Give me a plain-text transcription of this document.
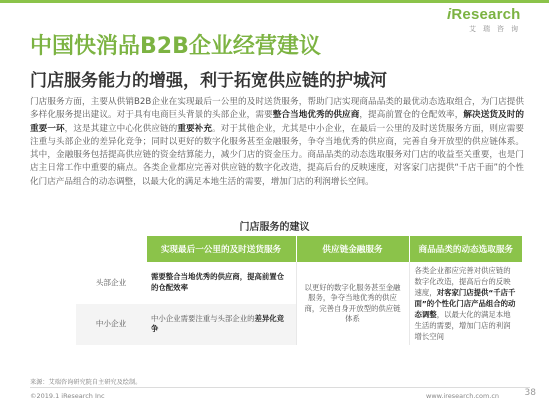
iResearch
艾瑞咨询
中国快消品B2B企业经营建议
门店服务能力的增强，利于拓宽供应链的护城河
门店服务方面，主要从供销B2B企业在实现最后一公里的及时送货服务，帮助门店实现商品品类的最优动态选取组合，为门店提供多样化服务提出建议。对于具有电商巨头背景的头部企业，需要整合当地优秀的供应商，提高前置仓的仓配效率，解决送货及时的重要一环，这是其建立中心化供应链的重要补充。对于其他企业，尤其是中小企业，在最后一公里的及时送货服务方面，则应需要注重与头部企业的差异化竞争；同时以更好的数字化服务甚至金融服务，争夺当地优秀的供应商，完善自身开放型的供应链体系。其中，金融服务包括提高供应链的资金结算能力，减少门店的资金压力。商品品类的动态选取服务对门店的收益至关重要，也是门店主日常工作中重要的痛点。各类企业都应完善对供应链的数字化改造，提高后台的反映速度，对客家门店提供“千店千面”的个性化门店产品组合的动态调整，以最大化的满足本地生活的需要，增加门店的利润增长空间。
门店服务的建议
	实现最后一公里的及时送货服务	供应链金融服务	商品品类的动态选取服务
头部企业	需要整合当地优秀的供应商，提高前置仓的仓配效率	以更好的数字化服务甚至金融服务，争夺当地优秀的供应商，完善自身开放型的供应链体系	各类企业都应完善对供应链的数字化改造，提高后台的反映速度，对客家门店提供“千店千面”的个性化门店产品组合的动态调整，以最大化的满足本地生活的需要，增加门店的利润增长空间
中小企业	中小企业需要注重与头部企业的差异化竞争		
来源：艾瑞咨询研究院自主研究及绘制。
©2019.1 iResearch Inc	www.iresearch.com.cn	38
